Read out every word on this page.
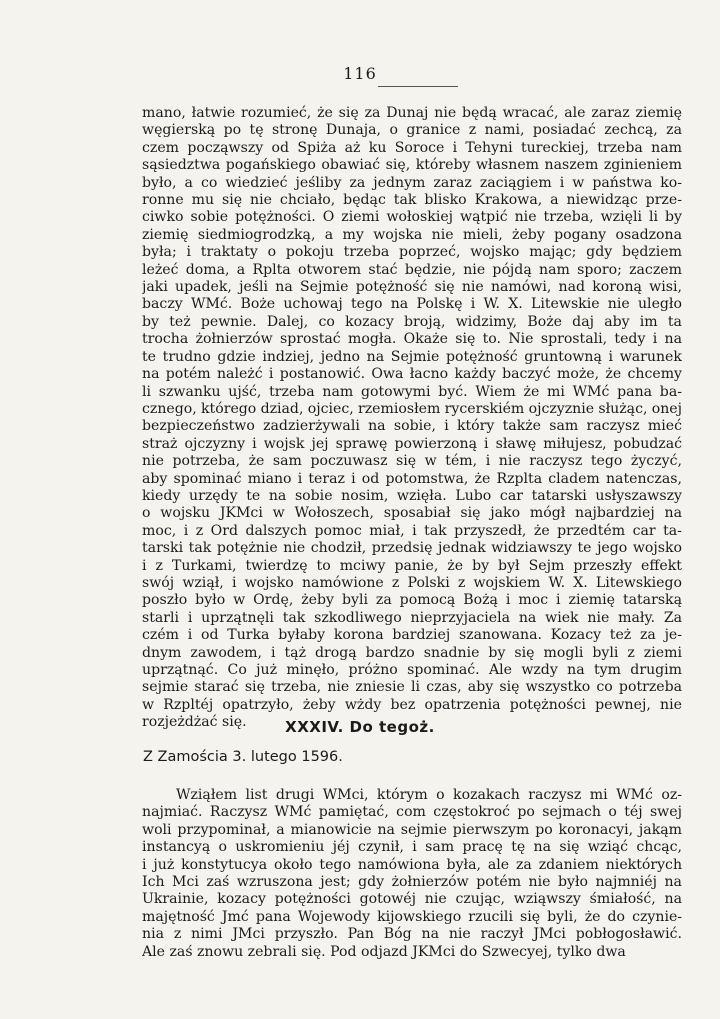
116
mano, łatwie rozumieć, że się za Dunaj nie będą wracać, ale zaraz ziemię
węgierską po tę stronę Dunaja, o granice z nami, posiadać zechcą, za
czem począwszy od Spiża aż ku Soroce i Tehyni tureckiej, trzeba nam
sąsiedztwa pogańskiego obawiać się, któreby własnem naszem zginieniem
było, a co wiedzieć jeśliby za jednym zaraz zaciągiem i w państwa ko-
ronne mu się nie chciało, będąc tak blisko Krakowa, a niewidząc prze-
ciwko sobie potężności. O ziemi wołoskiej wątpić nie trzeba, wzięli li by
ziemię siedmiogrodzką, a my wojska nie mieli, żeby pogany osadzona
była; i traktaty o pokoju trzeba poprzeć, wojsko mając; gdy będziem
leżeć doma, a Rplta otworem stać będzie, nie pójdą nam sporo; zaczem
jaki upadek, jeśli na Sejmie potężność się nie namówi, nad koroną wisi,
baczy WMć. Boże uchowaj tego na Polskę i W. X. Litewskie nie uległo
by też pewnie. Dalej, co kozacy broją, widzimy, Boże daj aby im ta
trocha żołnierzów sprostać mogła. Okaże się to. Nie sprostali, tedy i na
te trudno gdzie indziej, jedno na Sejmie potężność gruntowną i warunek
na potém należć i postanowić. Owa łacno każdy baczyć może, że chcemy
li szwanku ujść, trzeba nam gotowymi być. Wiem że mi WMć pana ba-
cznego, którego dziad, ojciec, rzemiosłem rycerskiém ojczyznie służąc, onej
bezpieczeństwo zadzierżywali na sobie, i który także sam raczysz mieć
straż ojczyzny i wojsk jej sprawę powierzoną i sławę miłujesz, pobudzać
nie potrzeba, że sam poczuwasz się w tém, i nie raczysz tego życzyć,
aby spominać miano i teraz i od potomstwa, że Rzplta cladem natenczas,
kiedy urzędy te na sobie nosim, wzięła. Lubo car tatarski usłyszawszy
o wojsku JKMci w Wołoszech, sposabiał się jako mógł najbardziej na
moc, i z Ord dalszych pomoc miał, i tak przyszedł, że przedtém car ta-
tarski tak potężnie nie chodził, przedsię jednak widziawszy te jego wojsko
i z Turkami, twierdzę to mciwy panie, że by był Sejm przeszły effekt
swój wziął, i wojsko namówione z Polski z wojskiem W. X. Litewskiego
poszło było w Ordę, żeby byli za pomocą Bożą i moc i ziemię tatarską
starli i uprzątnęli tak szkodliwego nieprzyjaciela na wiek nie mały. Za
czém i od Turka byłaby korona bardziej szanowana. Kozacy też za je-
dnym zawodem, i tąż drogą bardzo snadnie by się mogli byli z ziemi
uprzątnąć. Co już minęło, próżno spominać. Ale wzdy na tym drugim
sejmie starać się trzeba, nie zniesie li czas, aby się wszystko co potrzeba
w Rzpltéj opatrzyło, żeby wżdy bez opatrzenia potężności pewnej, nie
rozjeżdżać się.	XXXIV. Do tegoż.
Z Zamościa 3. lutego 1596.
Wziąłem list drugi WMci, którym o kozakach raczysz mi WMć oz-
najmiać. Raczysz WMć pamiętać, com częstokroć po sejmach o téj swej
woli przypominał, a mianowicie na sejmie pierwszym po koronacyi, jakąm
instancyą o uskromieniu jéj czynił, i sam pracę tę na się wziąć chcąc,
i już konstytucya około tego namówiona była, ale za zdaniem niektórych
Ich Mci zaś wzruszona jest; gdy żołnierzów potém nie było najmniéj na
Ukrainie, kozacy potężności gotowéj nie czując, wziąwszy śmiałość, na
majętność Jmć pana Wojewody kijowskiego rzucili się byli, że do czynie-
nia z nimi JMci przyszło. Pan Bóg na nie raczył JMci pobłogosławić.
Ale zaś znowu zebrali się. Pod odjazd JKMci do Szwecyej, tylko dwa
